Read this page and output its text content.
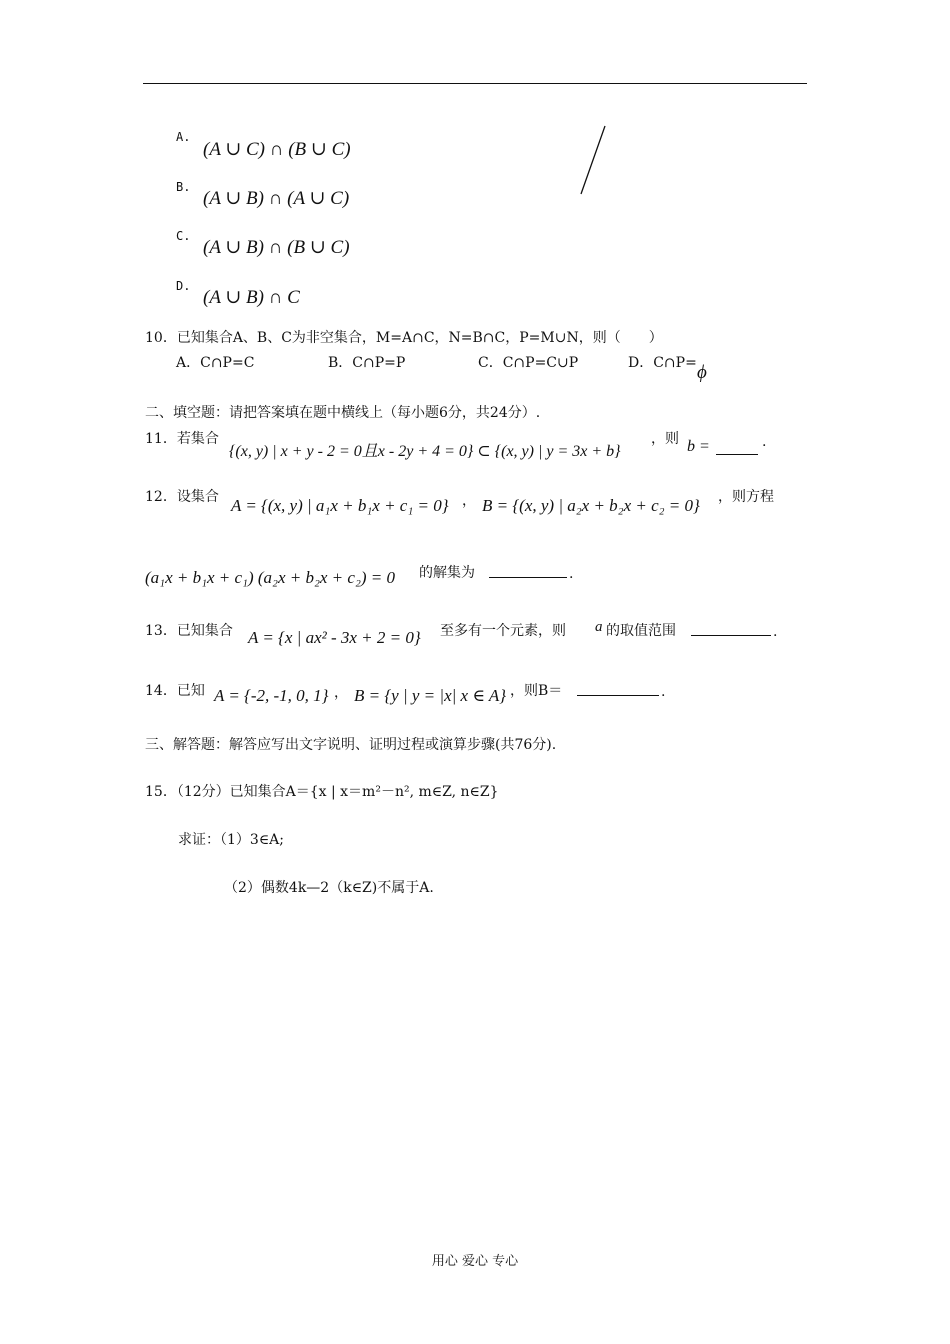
A.
(A ∪ C) ∩ (B ∪ C)
B.
(A ∪ B) ∩ (A ∪ C)
C.
(A ∪ B) ∩ (B ∪ C)
D.
(A ∪ B) ∩ C
10．已知集合A、B、C为非空集合，M=A∩C，N=B∩C，P=M∪N，则（　　）
A．C∩P=C	B．C∩P=P	C．C∩P=C∪P	D．C∩P= ϕ
二、填空题：请把答案填在题中横线上（每小题6分，共24分）.
11．若集合
{(x, y) | x + y - 2 = 0且x - 2y + 4 = 0} ⊂ {(x, y) | y = 3x + b}
，则 b =	.
12．设集合 A = {(x, y) | a₁x + b₁x + c₁ = 0} ， B = {(x, y) | a₂x + b₂x + c₂ = 0} ，则方程
(a₁x + b₁x + c₁) (a₂x + b₂x + c₂) = 0 的解集为	.
13．已知集合 A = {x | ax² - 3x + 2 = 0} 至多有一个元素，则 a 的取值范围	.
14．已知 A = {-2, -1, 0, 1} ， B = {y | y = |x| x ∈ A} ，则B＝	.
三、解答题：解答应写出文字说明、证明过程或演算步骤(共76分).
15．（12分）已知集合A＝{x | x＝m²－n², m∈Z, n∈Z}
求证：（1）3∈A;
（2）偶数4k—2（k∈Z)不属于A.
用心 爱心 专心
